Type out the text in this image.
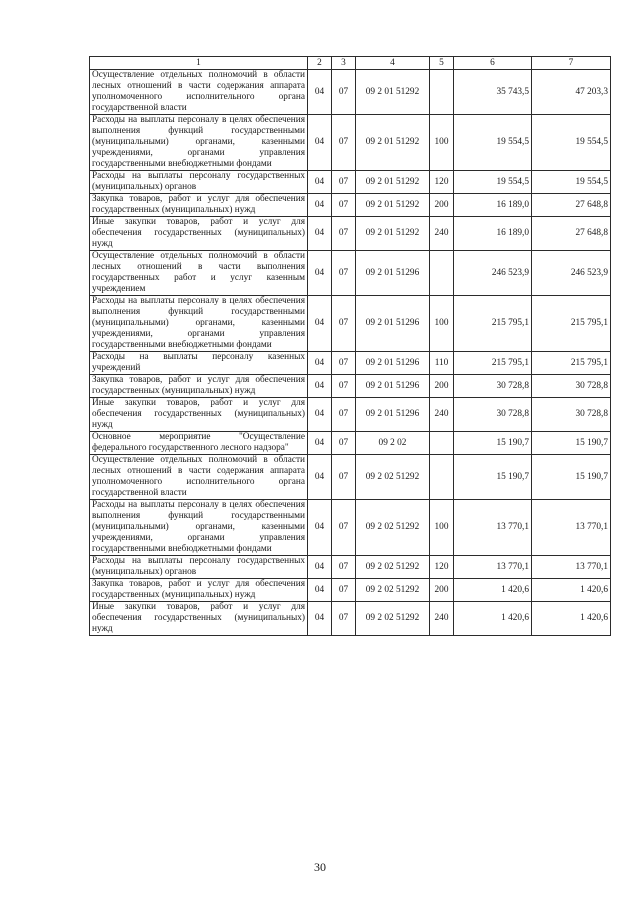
1	2	3	4	5	6	7
Осуществление отдельных полномочий в области лесных отношений в части содержания аппарата уполномоченного исполнительного органа государственной власти	04	07	09 2 01 51292		35 743,5	47 203,3
Расходы на выплаты персоналу в целях обеспечения выполнения функций государственными (муниципальными) органами, казенными учреждениями, органами управления государственными внебюджетными фондами	04	07	09 2 01 51292	100	19 554,5	19 554,5
Расходы на выплаты персоналу государственных (муниципальных) органов	04	07	09 2 01 51292	120	19 554,5	19 554,5
Закупка товаров, работ и услуг для обеспечения государственных (муниципальных) нужд	04	07	09 2 01 51292	200	16 189,0	27 648,8
Иные закупки товаров, работ и услуг для обеспечения государственных (муниципальных) нужд	04	07	09 2 01 51292	240	16 189,0	27 648,8
Осуществление отдельных полномочий в области лесных отношений в части выполнения государственных работ и услуг казенным учреждением	04	07	09 2 01 51296		246 523,9	246 523,9
Расходы на выплаты персоналу в целях обеспечения выполнения функций государственными (муниципальными) органами, казенными учреждениями, органами управления государственными внебюджетными фондами	04	07	09 2 01 51296	100	215 795,1	215 795,1
Расходы на выплаты персоналу казенных учреждений	04	07	09 2 01 51296	110	215 795,1	215 795,1
Закупка товаров, работ и услуг для обеспечения государственных (муниципальных) нужд	04	07	09 2 01 51296	200	30 728,8	30 728,8
Иные закупки товаров, работ и услуг для обеспечения государственных (муниципальных) нужд	04	07	09 2 01 51296	240	30 728,8	30 728,8
Основное мероприятие "Осуществление федерального государственного лесного надзора"	04	07	09 2 02		15 190,7	15 190,7
Осуществление отдельных полномочий в области лесных отношений в части содержания аппарата уполномоченного исполнительного органа государственной власти	04	07	09 2 02 51292		15 190,7	15 190,7
Расходы на выплаты персоналу в целях обеспечения выполнения функций государственными (муниципальными) органами, казенными учреждениями, органами управления государственными внебюджетными фондами	04	07	09 2 02 51292	100	13 770,1	13 770,1
Расходы на выплаты персоналу государственных (муниципальных) органов	04	07	09 2 02 51292	120	13 770,1	13 770,1
Закупка товаров, работ и услуг для обеспечения государственных (муниципальных) нужд	04	07	09 2 02 51292	200	1 420,6	1 420,6
Иные закупки товаров, работ и услуг для обеспечения государственных (муниципальных) нужд	04	07	09 2 02 51292	240	1 420,6	1 420,6
30
